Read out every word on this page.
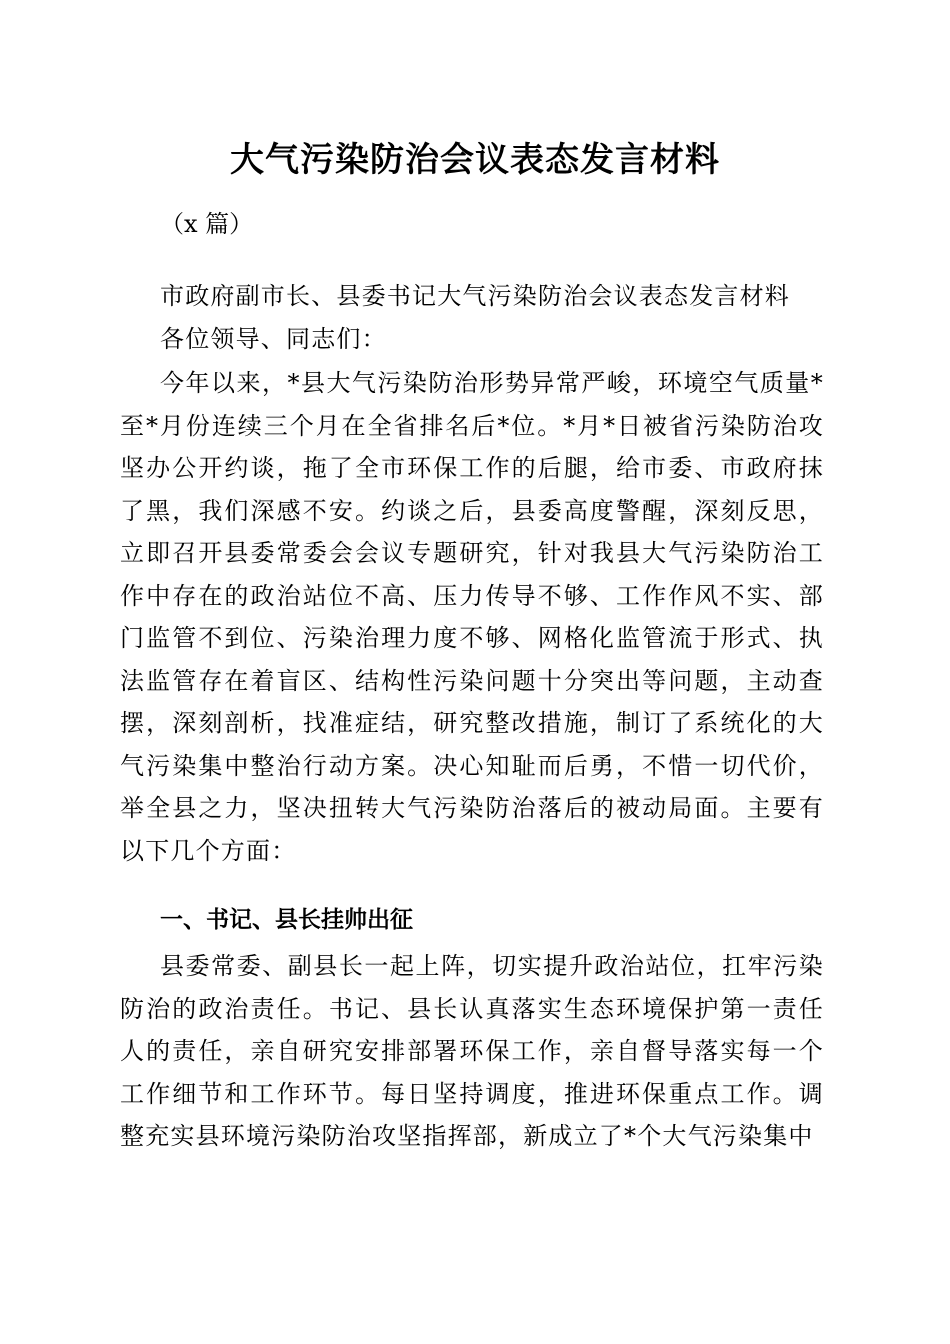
大气污染防治会议表态发言材料

（x 篇）

市政府副市长、县委书记大气污染防治会议表态发言材料

各位领导、同志们：

今年以来，*县大气污染防治形势异常严峻，环境空气质量*至*月份连续三个月在全省排名后*位。*月*日被省污染防治攻坚办公开约谈，拖了全市环保工作的后腿，给市委、市政府抹了黑，我们深感不安。约谈之后，县委高度警醒，深刻反思，立即召开县委常委会会议专题研究，针对我县大气污染防治工作中存在的政治站位不高、压力传导不够、工作作风不实、部门监管不到位、污染治理力度不够、网格化监管流于形式、执法监管存在着盲区、结构性污染问题十分突出等问题，主动查摆，深刻剖析，找准症结，研究整改措施，制订了系统化的大气污染集中整治行动方案。决心知耻而后勇，不惜一切代价，举全县之力，坚决扭转大气污染防治落后的被动局面。主要有以下几个方面：

一、书记、县长挂帅出征

县委常委、副县长一起上阵，切实提升政治站位，扛牢污染防治的政治责任。书记、县长认真落实生态环境保护第一责任人的责任，亲自研究安排部署环保工作，亲自督导落实每一个工作细节和工作环节。每日坚持调度，推进环保重点工作。调整充实县环境污染防治攻坚指挥部，新成立了*个大气污染集中
